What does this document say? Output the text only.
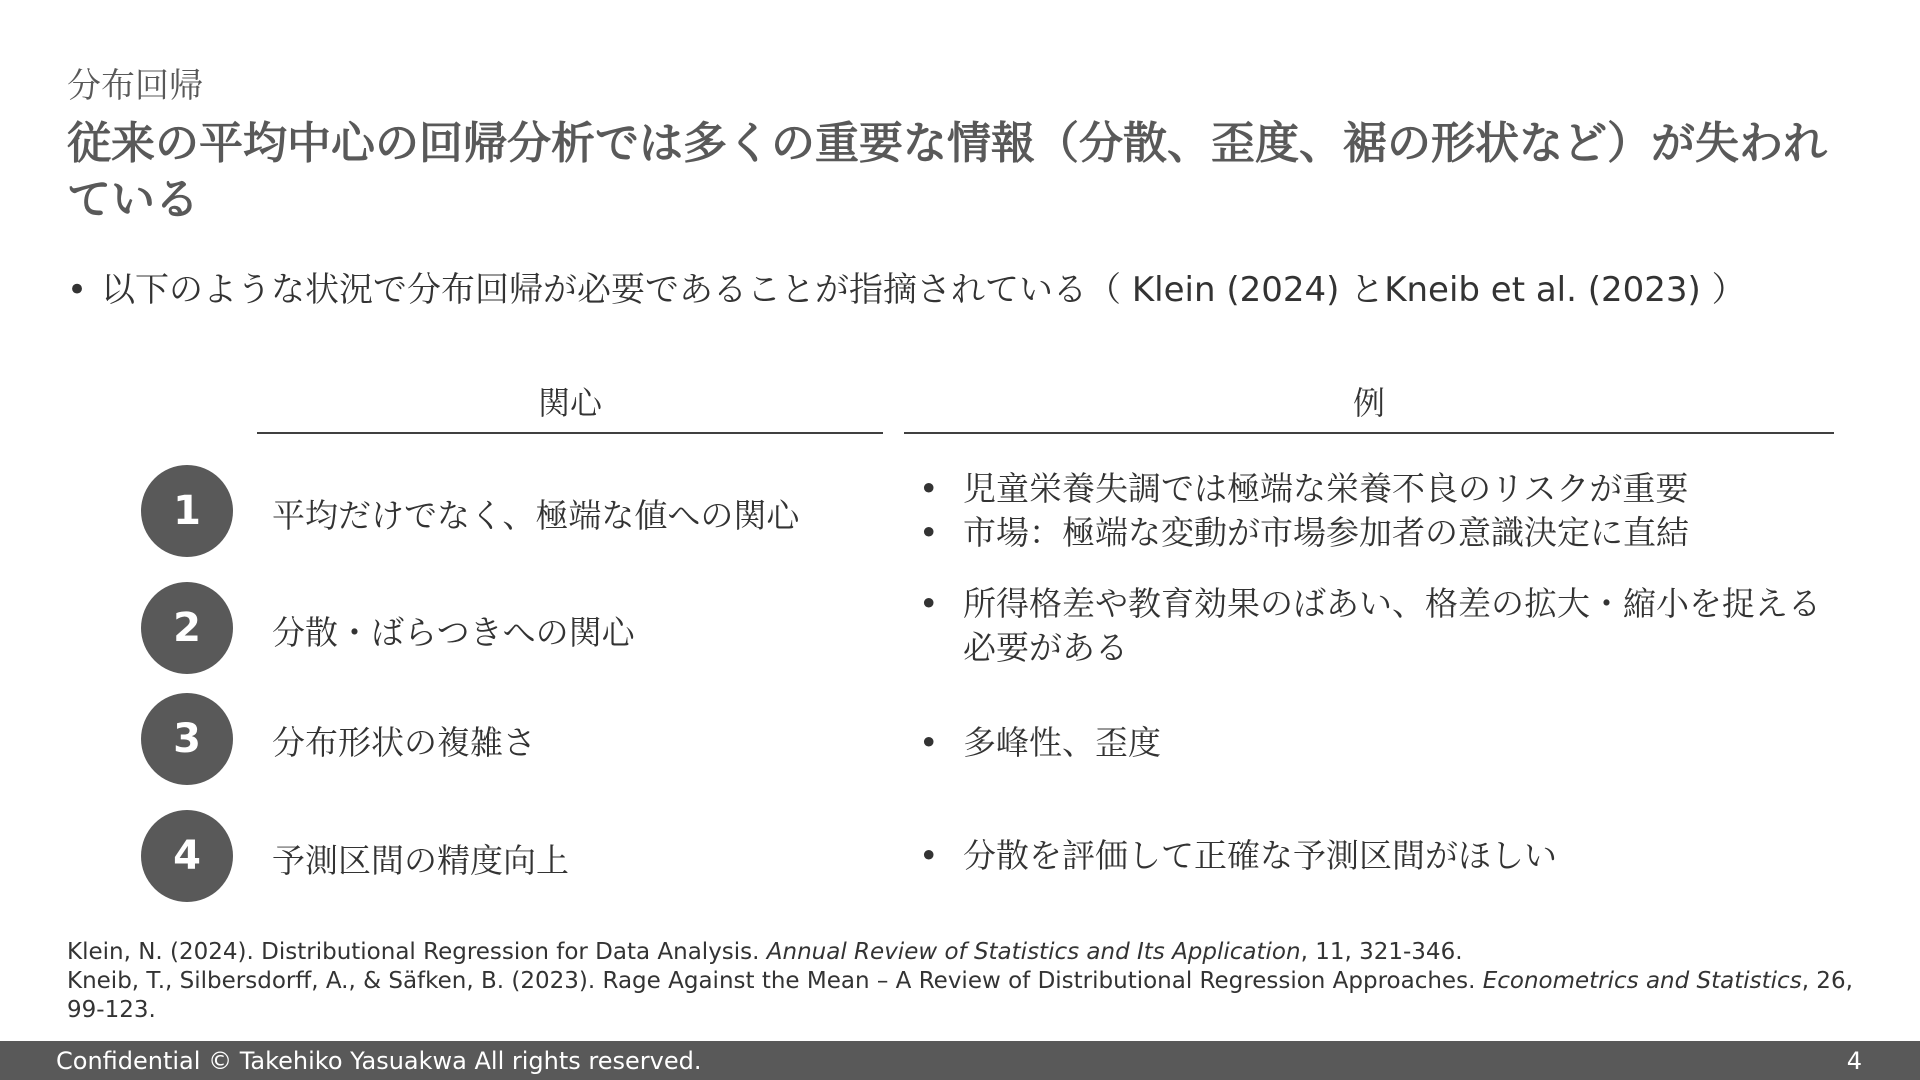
分布回帰
従来の平均中心の回帰分析では多くの重要な情報（分散、歪度、裾の形状など）が失われている
• 以下のような状況で分布回帰が必要であることが指摘されている（ Klein (2024) とKneib et al. (2023) ）
関心	例
1	平均だけでなく、極端な値への関心
• 児童栄養失調では極端な栄養不良のリスクが重要
• 市場：極端な変動が市場参加者の意識決定に直結
2	分散・ばらつきへの関心
• 所得格差や教育効果のばあい、格差の拡大・縮小を捉える必要がある
3	分布形状の複雑さ	• 多峰性、歪度
4	予測区間の精度向上	• 分散を評価して正確な予測区間がほしい

Klein, N. (2024). Distributional Regression for Data Analysis. Annual Review of Statistics and Its Application, 11, 321-346.

Kneib, T., Silbersdorff, A., & Säfken, B. (2023). Rage Against the Mean – A Review of Distributional Regression Approaches. Econometrics and Statistics, 26, 99-123.

Confidential © Takehiko Yasuakwa All rights reserved.	4
